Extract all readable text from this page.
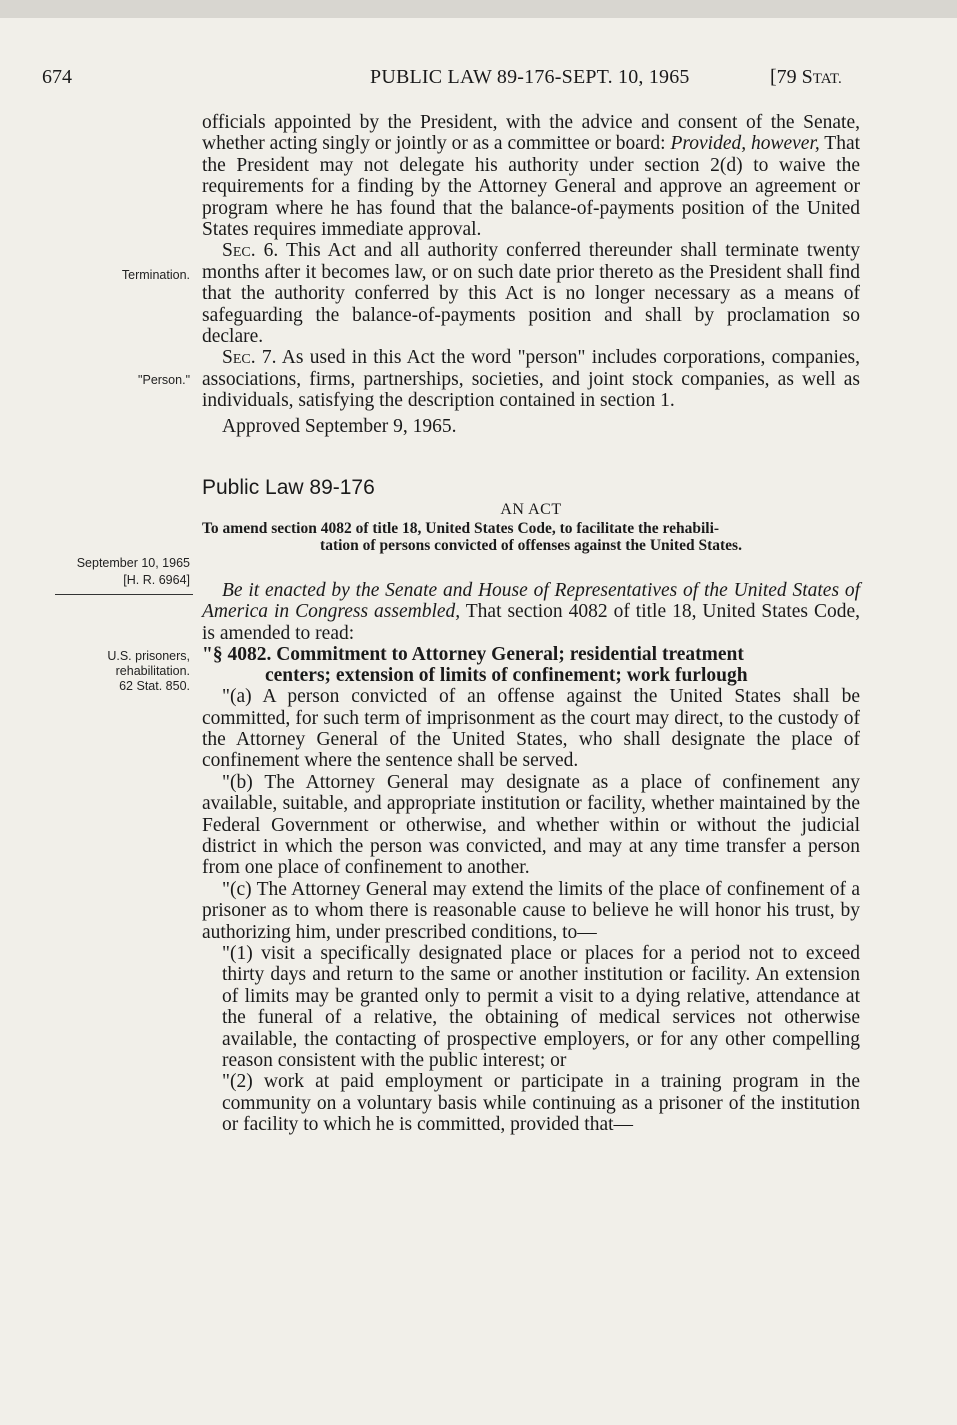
674	PUBLIC LAW 89-176-SEPT. 10, 1965	[79 STAT.
Termination.
"Person."
September 10, 1965
[H. R. 6964]
U.S. prisoners,
rehabilitation.
62 Stat. 850.

officials appointed by the President, with the advice and consent of the Senate, whether acting singly or jointly or as a committee or board: Provided, however, That the President may not delegate his authority under section 2(d) to waive the requirements for a finding by the Attorney General and approve an agreement or program where he has found that the balance-of-payments position of the United States requires immediate approval.

Sec. 6. This Act and all authority conferred thereunder shall terminate twenty months after it becomes law, or on such date prior thereto as the President shall find that the authority conferred by this Act is no longer necessary as a means of safeguarding the balance-of-payments position and shall by proclamation so declare.

Sec. 7. As used in this Act the word "person" includes corporations, companies, associations, firms, partnerships, societies, and joint stock companies, as well as individuals, satisfying the description contained in section 1.

Approved September 9, 1965.

Public Law 89-176

AN ACT

To amend section 4082 of title 18, United States Code, to facilitate the rehabili-
tation of persons convicted of offenses against the United States.

Be it enacted by the Senate and House of Representatives of the United States of America in Congress assembled, That section 4082 of title 18, United States Code, is amended to read:

"§ 4082. Commitment to Attorney General; residential treatment
centers; extension of limits of confinement; work furlough

"(a) A person convicted of an offense against the United States shall be committed, for such term of imprisonment as the court may direct, to the custody of the Attorney General of the United States, who shall designate the place of confinement where the sentence shall be served.

"(b) The Attorney General may designate as a place of confinement any available, suitable, and appropriate institution or facility, whether maintained by the Federal Government or otherwise, and whether within or without the judicial district in which the person was convicted, and may at any time transfer a person from one place of confinement to another.

"(c) The Attorney General may extend the limits of the place of confinement of a prisoner as to whom there is reasonable cause to believe he will honor his trust, by authorizing him, under prescribed conditions, to—

"(1) visit a specifically designated place or places for a period not to exceed thirty days and return to the same or another institution or facility. An extension of limits may be granted only to permit a visit to a dying relative, attendance at the funeral of a relative, the obtaining of medical services not otherwise available, the contacting of prospective employers, or for any other compelling reason consistent with the public interest; or

"(2) work at paid employment or participate in a training program in the community on a voluntary basis while continuing as a prisoner of the institution or facility to which he is committed, provided that—
